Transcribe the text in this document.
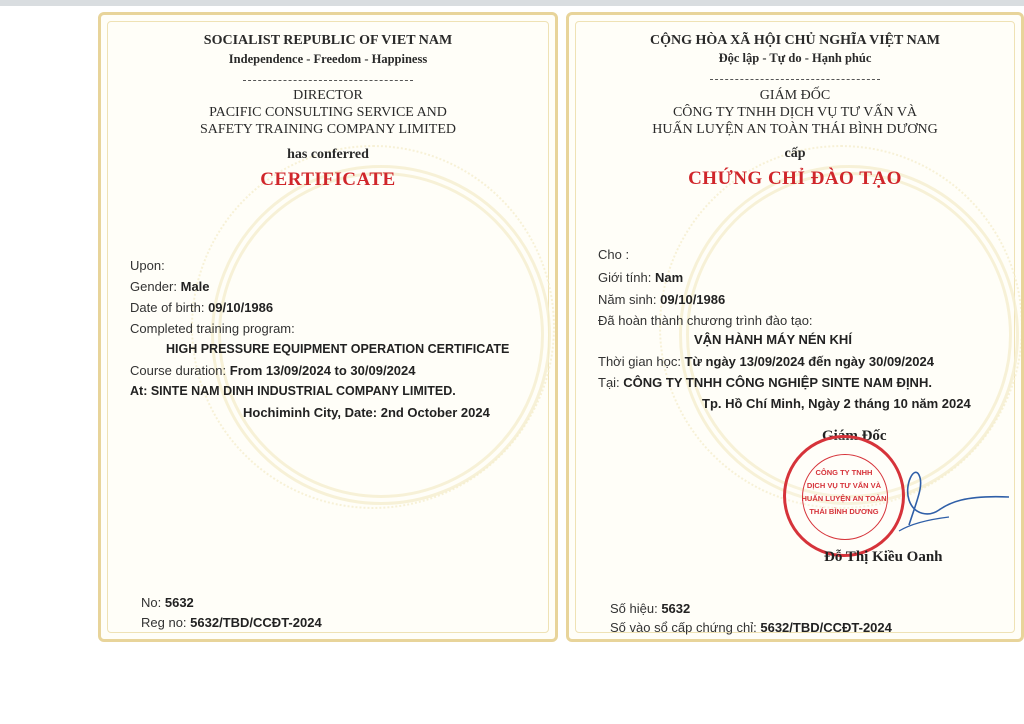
SOCIALIST REPUBLIC OF VIET NAM
Independence - Freedom - Happiness
DIRECTOR
PACIFIC CONSULTING SERVICE AND
SAFETY TRAINING COMPANY LIMITED
has conferred
CERTIFICATE
Upon:
Gender: Male
Date of birth: 09/10/1986
Completed training program:
HIGH PRESSURE EQUIPMENT OPERATION CERTIFICATE
Course duration: From 13/09/2024 to 30/09/2024
At: SINTE NAM DINH INDUSTRIAL COMPANY LIMITED.
Hochiminh City, Date: 2nd October 2024
No: 5632
Reg no: 5632/TBD/CCĐT-2024
CỘNG HÒA XÃ HỘI CHỦ NGHĨA VIỆT NAM
Độc lập - Tự do - Hạnh phúc
GIÁM ĐỐC
CÔNG TY TNHH DỊCH VỤ TƯ VẤN VÀ
HUẤN LUYỆN AN TOÀN THÁI BÌNH DƯƠNG
cấp
CHỨNG CHỈ ĐÀO TẠO
Cho :
Giới tính: Nam
Năm sinh: 09/10/1986
Đã hoàn thành chương trình đào tạo:
VẬN HÀNH MÁY NÉN KHÍ
Thời gian học: Từ ngày 13/09/2024 đến ngày 30/09/2024
Tại: CÔNG TY TNHH CÔNG NGHIỆP SINTE NAM ĐỊNH.
Tp. Hồ Chí Minh, Ngày 2 tháng 10 năm 2024
Giám Đốc
CÔNG TY TNHH
DỊCH VỤ TƯ VẤN VÀ
HUẤN LUYỆN AN TOÀN
THÁI BÌNH DƯƠNG
Đỗ Thị Kiều Oanh
Số hiệu: 5632
Số vào sổ cấp chứng chỉ: 5632/TBD/CCĐT-2024
